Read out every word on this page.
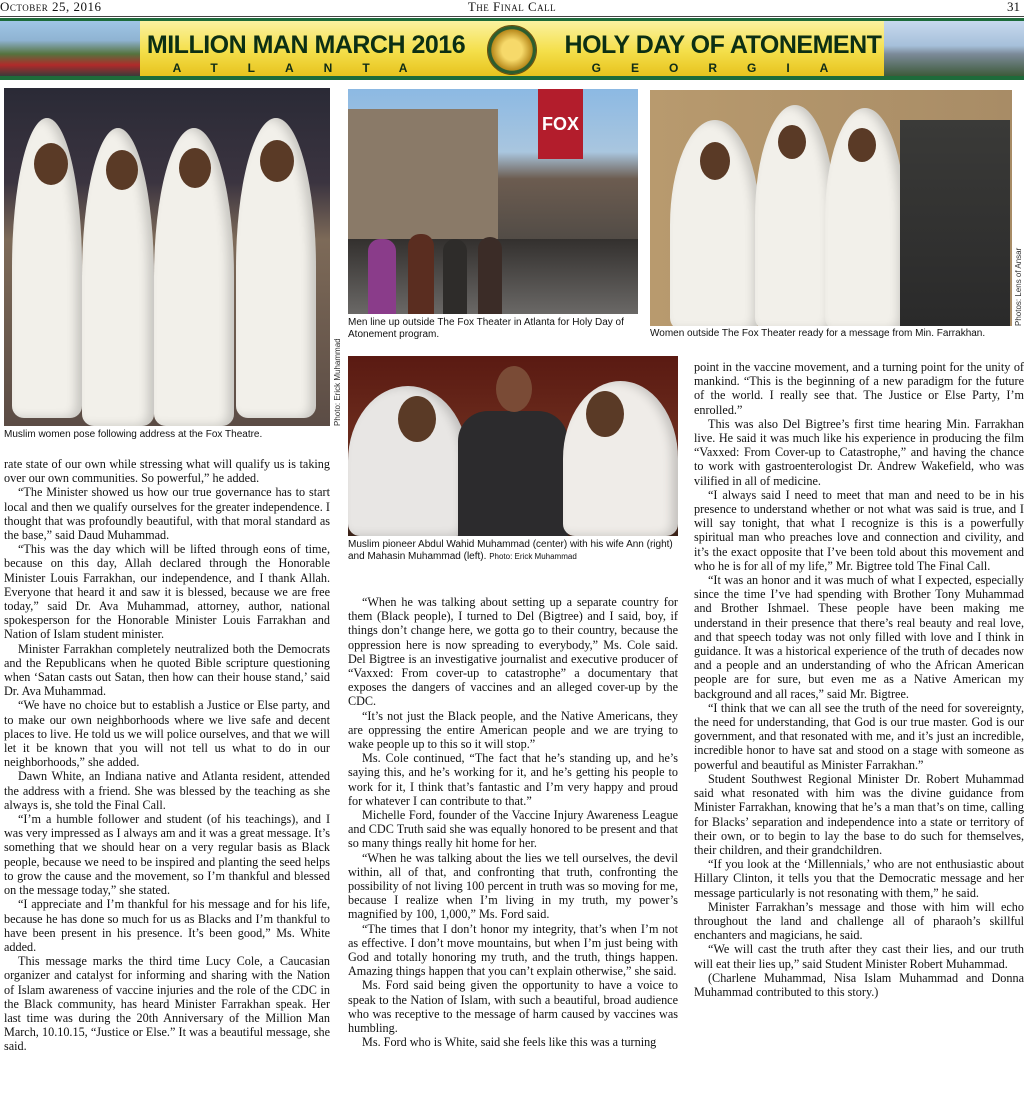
The Final Call
October 25, 2016	31
MILLION MAN MARCH 2016	HOLY DAY OF ATONEMENT
ATLANTA	GEORGIA
Photo: Erick Muhammad
Muslim women pose following address at the Fox Theatre.
FOX
Men line up outside The Fox Theater in Atlanta for Holy Day of Atonement program.
Photos: Lens of Ansar
Women outside The Fox Theater ready for a message from Min. Farrakhan.
Muslim pioneer Abdul Wahid Muhammad (center) with his wife Ann (right) and Mahasin Muhammad (left). Photo: Erick Muhammad

rate state of our own while stressing what will qualify us is taking over our own communities. So powerful,” he added.

“The Minister showed us how our true governance has to start local and then we qualify ourselves for the greater independence. I thought that was profoundly beautiful, with that moral standard as the base,” said Daud Muhammad.

“This was the day which will be lifted through eons of time, because on this day, Allah declared through the Honorable Minister Louis Farrakhan, our independence, and I thank Allah. Everyone that heard it and saw it is blessed, because we are free today,” said Dr. Ava Muhammad, attorney, author, national spokesperson for the Honorable Minister Louis Farrakhan and Nation of Islam student minister.

Minister Farrakhan completely neutralized both the Democrats and the Republicans when he quoted Bible scripture questioning when ‘Satan casts out Satan, then how can their house stand,’ said Dr. Ava Muhammad.

“We have no choice but to establish a Justice or Else party, and to make our own neighborhoods where we live safe and decent places to live. He told us we will police ourselves, and that we will let it be known that you will not tell us what to do in our neighborhoods,” she added.

Dawn White, an Indiana native and Atlanta resident, attended the address with a friend. She was blessed by the teaching as she always is, she told the Final Call.

“I’m a humble follower and student (of his teachings), and I was very impressed as I always am and it was a great message. It’s something that we should hear on a very regular basis as Black people, because we need to be inspired and planting the seed helps to grow the cause and the movement, so I’m thankful and blessed on the message today,” she stated.

“I appreciate and I’m thankful for his message and for his life, because he has done so much for us as Blacks and I’m thankful to have been present in his presence. It’s been good,” Ms. White added.

This message marks the third time Lucy Cole, a Caucasian organizer and catalyst for informing and sharing with the Nation of Islam awareness of vaccine injuries and the role of the CDC in the Black community, has heard Minister Farrakhan speak. Her last time was during the 20th Anniversary of the Million Man March, 10.10.15, “Justice or Else.” It was a beautiful message, she said.

“When he was talking about setting up a separate country for them (Black people), I turned to Del (Bigtree) and I said, boy, if things don’t change here, we gotta go to their country, because the oppression here is now spreading to everybody,” Ms. Cole said. Del Bigtree is an investigative journalist and executive producer of “Vaxxed: From cover-up to catastrophe” a documentary that exposes the dangers of vaccines and an alleged cover-up by the CDC.

“It’s not just the Black people, and the Native Americans, they are oppressing the entire American people and we are trying to wake people up to this so it will stop.”

Ms. Cole continued, “The fact that he’s standing up, and he’s saying this, and he’s working for it, and he’s getting his people to work for it, I think that’s fantastic and I’m very happy and proud for whatever I can contribute to that.”

Michelle Ford, founder of the Vaccine Injury Awareness League and CDC Truth said she was equally honored to be present and that so many things really hit home for her.

“When he was talking about the lies we tell ourselves, the devil within, all of that, and confronting that truth, confronting the possibility of not living 100 percent in truth was so moving for me, because I realize when I’m living in my truth, my power’s magnified by 100, 1,000,” Ms. Ford said.

“The times that I don’t honor my integrity, that’s when I’m not as effective. I don’t move mountains, but when I’m just being with God and totally honoring my truth, and the truth, things happen. Amazing things happen that you can’t explain otherwise,” she said.

Ms. Ford said being given the opportunity to have a voice to speak to the Nation of Islam, with such a beautiful, broad audience who was receptive to the message of harm caused by vaccines was humbling.

Ms. Ford who is White, said she feels like this was a turning

point in the vaccine movement, and a turning point for the unity of mankind. “This is the beginning of a new paradigm for the future of the world. I really see that. The Justice or Else Party, I’m enrolled.”

This was also Del Bigtree’s first time hearing Min. Farrakhan live. He said it was much like his experience in producing the film “Vaxxed: From Cover-up to Catastrophe,” and having the chance to work with gastroenterologist Dr. Andrew Wakefield, who was vilified in all of medicine.

“I always said I need to meet that man and need to be in his presence to understand whether or not what was said is true, and I will say tonight, that what I recognize is this is a powerfully spiritual man who preaches love and connection and civility, and it’s the exact opposite that I’ve been told about this movement and who he is for all of my life,” Mr. Bigtree told The Final Call.

“It was an honor and it was much of what I expected, especially since the time I’ve had spending with Brother Tony Muhammad and Brother Ishmael. These people have been making me understand in their presence that there’s real beauty and real love, and that speech today was not only filled with love and I think in guidance. It was a historical experience of the truth of decades now and a people and an understanding of who the African American people are for sure, but even me as a Native American my background and all races,” said Mr. Bigtree.

“I think that we can all see the truth of the need for sovereignty, the need for understanding, that God is our true master. God is our government, and that resonated with me, and it’s just an incredible, incredible honor to have sat and stood on a stage with someone as powerful and beautiful as Minister Farrakhan.”

Student Southwest Regional Minister Dr. Robert Muhammad said what resonated with him was the divine guidance from Minister Farrakhan, knowing that he’s a man that’s on time, calling for Blacks’ separation and independence into a state or territory of their own, or to begin to lay the base to do such for themselves, their children, and their grandchildren.

“If you look at the ‘Millennials,’ who are not enthusiastic about Hillary Clinton, it tells you that the Democratic message and her message particularly is not resonating with them,” he said.

Minister Farrakhan’s message and those with him will echo throughout the land and challenge all of pharaoh’s skillful enchanters and magicians, he said.

“We will cast the truth after they cast their lies, and our truth will eat their lies up,” said Student Minister Robert Muhammad.

(Charlene Muhammad, Nisa Islam Muhammad and Donna Muhammad contributed to this story.)
